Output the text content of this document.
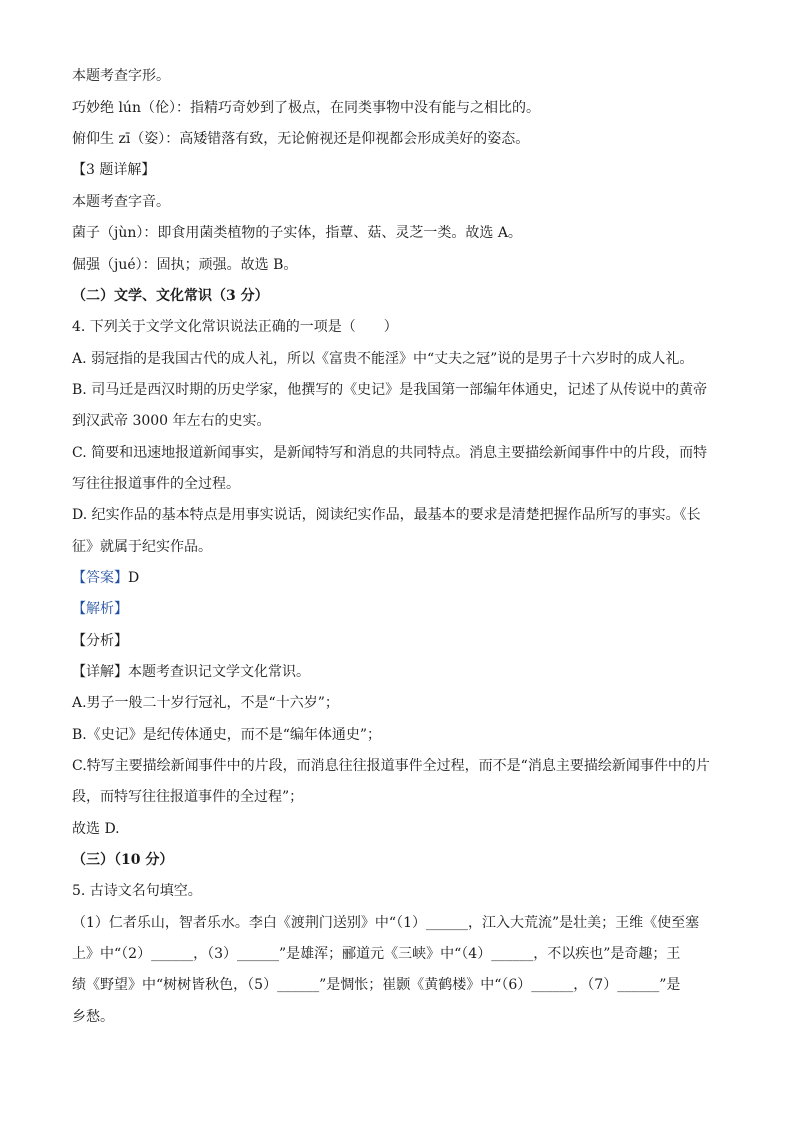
本题考查字形。
巧妙绝 lún（伦）：指精巧奇妙到了极点，在同类事物中没有能与之相比的。
俯仰生 zī（姿）：高矮错落有致，无论俯视还是仰视都会形成美好的姿态。
【3 题详解】
本题考查字音。
菌子（jùn）：即食用菌类植物的子实体，指蕈、菇、灵芝一类。故选 A。
倔强（jué）：固执；顽强。故选 B。
（二）文学、文化常识（3 分）
4. 下列关于文学文化常识说法正确的一项是（　　）
A. 弱冠指的是我国古代的成人礼，所以《富贵不能淫》中“丈夫之冠”说的是男子十六岁时的成人礼。
B. 司马迁是西汉时期的历史学家，他撰写的《史记》是我国第一部编年体通史，记述了从传说中的黄帝
到汉武帝 3000 年左右的史实。
C. 简要和迅速地报道新闻事实，是新闻特写和消息的共同特点。消息主要描绘新闻事件中的片段，而特
写往往报道事件的全过程。
D. 纪实作品的基本特点是用事实说话，阅读纪实作品，最基本的要求是清楚把握作品所写的事实。《长
征》就属于纪实作品。
【答案】D
【解析】
【分析】
【详解】本题考查识记文学文化常识。
A.男子一般二十岁行冠礼，不是“十六岁”；
B.《史记》是纪传体通史，而不是“编年体通史”；
C.特写主要描绘新闻事件中的片段，而消息往往报道事件全过程，而不是“消息主要描绘新闻事件中的片
段，而特写往往报道事件的全过程”；
故选 D.
（三）（10 分）
5. 古诗文名句填空。
（1）仁者乐山，智者乐水。李白《渡荆门送别》中“（1）______，江入大荒流”是壮美；王维《使至塞
上》中“（2）______，（3）______”是雄浑；郦道元《三峡》中“（4）______，不以疾也”是奇趣；王
绩《野望》中“树树皆秋色，（5）______”是惆怅；崔颢《黄鹤楼》中“（6）______，（7）______”是
乡愁。
